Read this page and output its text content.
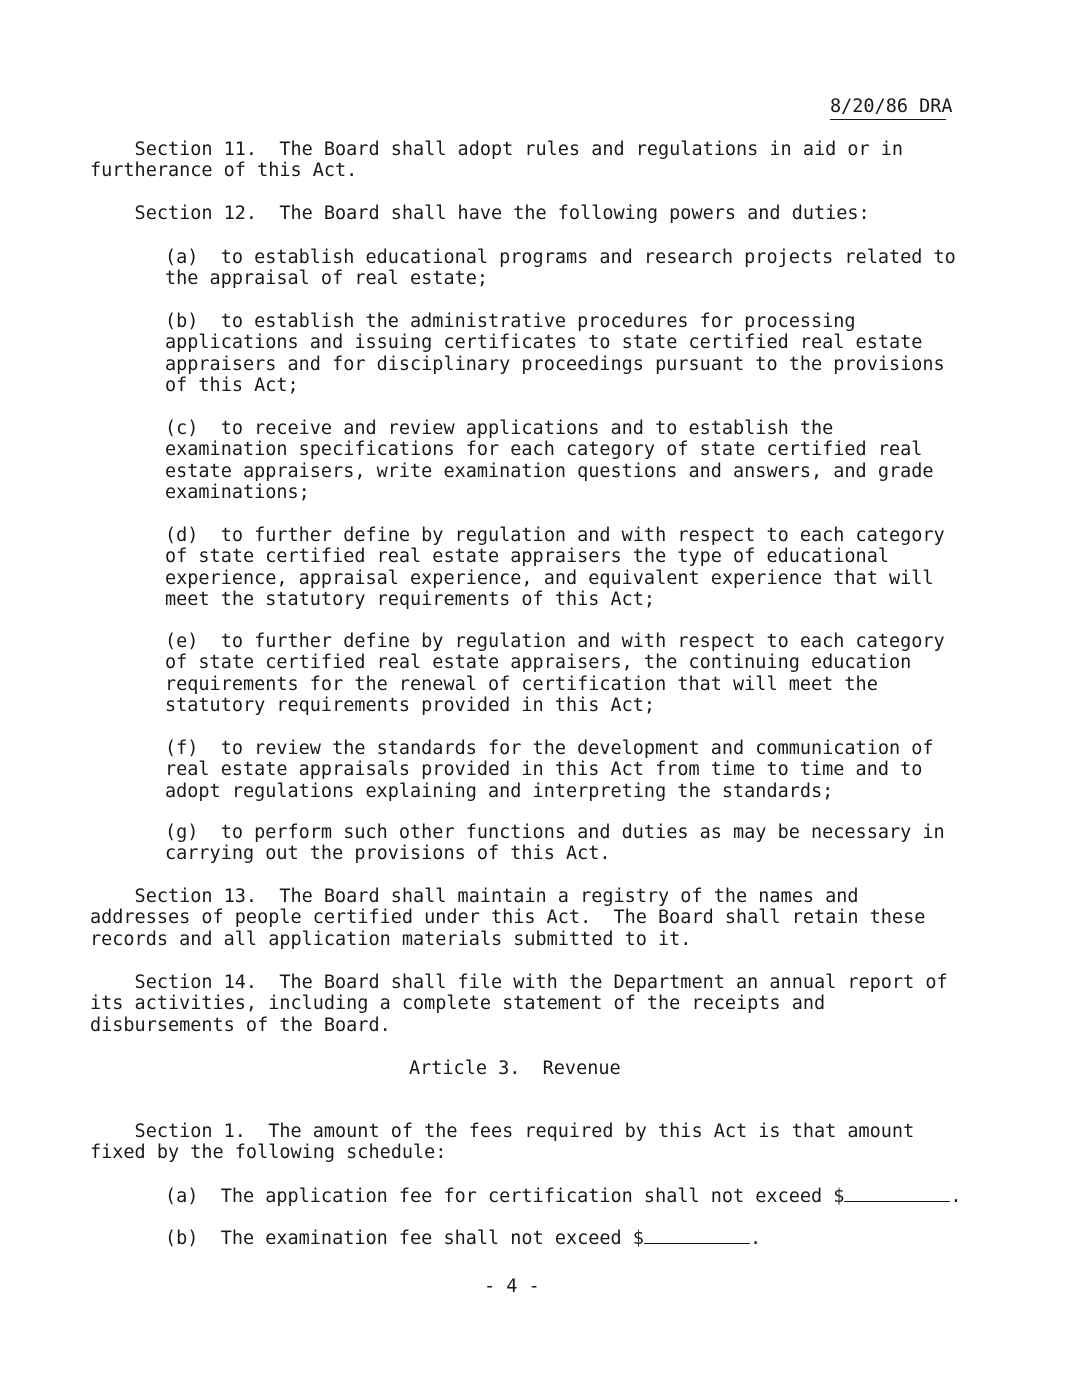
8/20/86 DRA

Section 11.  The Board shall adopt rules and regulations in aid or in
furtherance of this Act.

Section 12.  The Board shall have the following powers and duties:

(a)  to establish educational programs and research projects related to
the appraisal of real estate;

(b)  to establish the administrative procedures for processing
applications and issuing certificates to state certified real estate
appraisers and for disciplinary proceedings pursuant to the provisions
of this Act;

(c)  to receive and review applications and to establish the
examination specifications for each category of state certified real
estate appraisers, write examination questions and answers, and grade
examinations;

(d)  to further define by regulation and with respect to each category
of state certified real estate appraisers the type of educational
experience, appraisal experience, and equivalent experience that will
meet the statutory requirements of this Act;

(e)  to further define by regulation and with respect to each category
of state certified real estate appraisers, the continuing education
requirements for the renewal of certification that will meet the
statutory requirements provided in this Act;

(f)  to review the standards for the development and communication of
real estate appraisals provided in this Act from time to time and to
adopt regulations explaining and interpreting the standards;

(g)  to perform such other functions and duties as may be necessary in
carrying out the provisions of this Act.

Section 13.  The Board shall maintain a registry of the names and
addresses of people certified under this Act.  The Board shall retain these
records and all application materials submitted to it.

Section 14.  The Board shall file with the Department an annual report of
its activities, including a complete statement of the receipts and
disbursements of the Board.

Article 3.  Revenue

Section 1.  The amount of the fees required by this Act is that amount
fixed by the following schedule:

(a)  The application fee for certification shall not exceed $	.
(b)  The examination fee shall not exceed $	.
- 4 -
